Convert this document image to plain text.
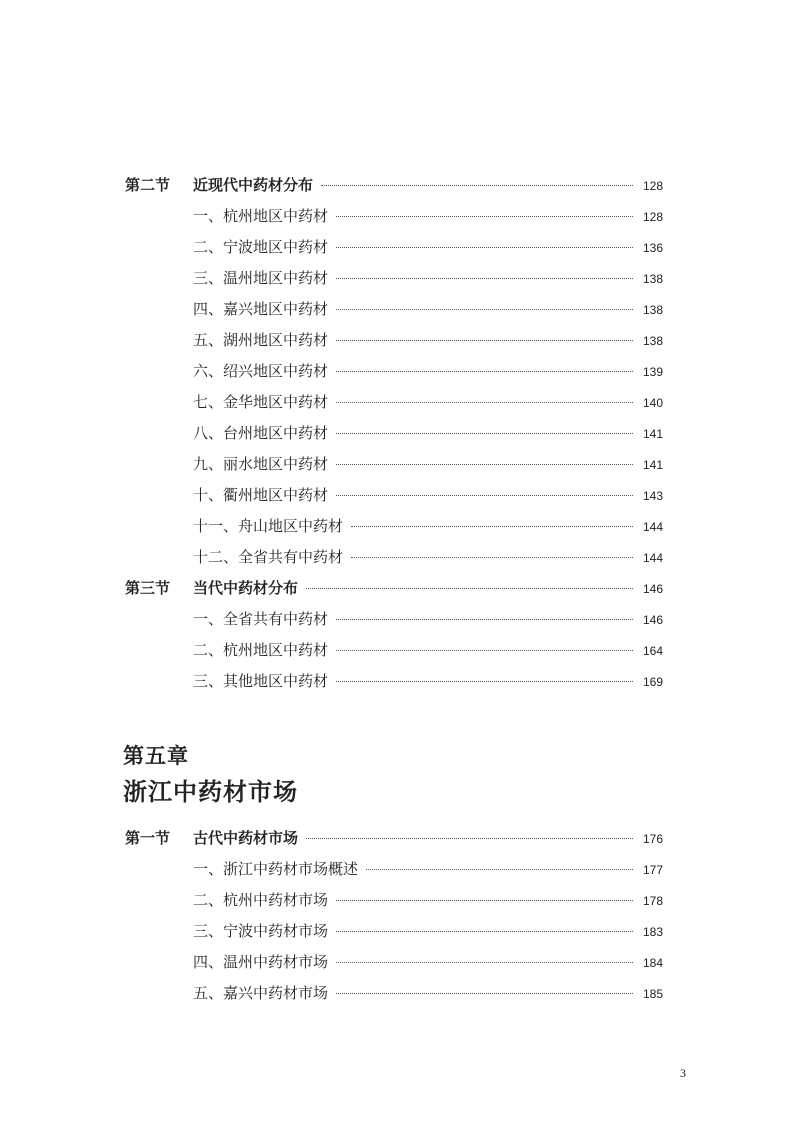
第二节	近现代中药材分布	128
一、杭州地区中药材	128
二、宁波地区中药材	136
三、温州地区中药材	138
四、嘉兴地区中药材	138
五、湖州地区中药材	138
六、绍兴地区中药材	139
七、金华地区中药材	140
八、台州地区中药材	141
九、丽水地区中药材	141
十、衢州地区中药材	143
十一、舟山地区中药材	144
十二、全省共有中药材	144
第三节	当代中药材分布	146
一、全省共有中药材	146
二、杭州地区中药材	164
三、其他地区中药材	169
第五章
浙江中药材市场
第一节	古代中药材市场	176
一、浙江中药材市场概述	177
二、杭州中药材市场	178
三、宁波中药材市场	183
四、温州中药材市场	184
五、嘉兴中药材市场	185
3
